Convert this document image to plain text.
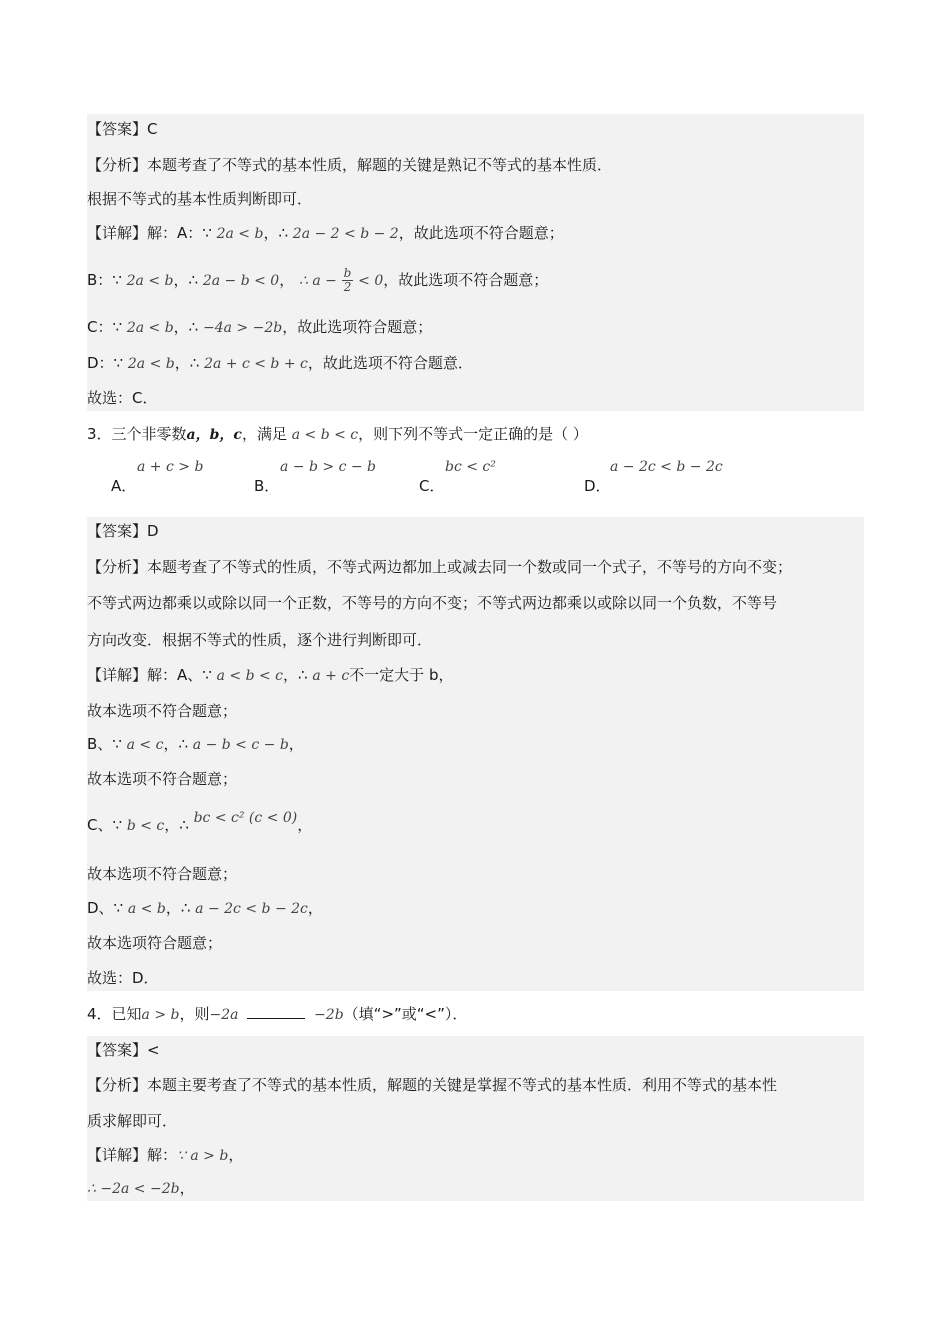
【答案】C
【分析】本题考查了不等式的基本性质，解题的关键是熟记不等式的基本性质．
根据不等式的基本性质判断即可．
【详解】解：A：∵ 2a < b，∴ 2a − 2 < b − 2，故此选项不符合题意；
B：∵ 2a < b，∴ 2a − b < 0， ∴ $a - \frac{b}{2} < 0$，故此选项不符合题意；
C：∵ 2a < b，∴ −4a > −2b，故此选项符合题意；
D：∵ 2a < b，∴ 2a + c < b + c，故此选项不符合题意．
故选：C．
3．三个非零数a，b，c，满足 a < b < c，则下列不等式一定正确的是（ ）
A．
a + c > b
B．
a − b > c − b
C．
bc < c²
D．
a − 2c < b − 2c
【答案】D
【分析】本题考查了不等式的性质，不等式两边都加上或减去同一个数或同一个式子，不等号的方向不变；
不等式两边都乘以或除以同一个正数，不等号的方向不变；不等式两边都乘以或除以同一个负数，不等号
方向改变．根据不等式的性质，逐个进行判断即可．
【详解】解：A、∵ a < b < c，∴ a + c不一定大于 b，
故本选项不符合题意；
B、∵ a < c，∴ a − b < c − b，
故本选项不符合题意；
C、∵ b < c，∴ bc < c² (c < 0)，
故本选项不符合题意；
D、∵ a < b，∴ a − 2c < b − 2c，
故本选项符合题意；
故选：D．
4．已知a > b，则−2a	−2b（填“>”或“<”）．
【答案】<
【分析】本题主要考查了不等式的基本性质，解题的关键是掌握不等式的基本性质．利用不等式的基本性
质求解即可．
【详解】解：∵ a > b，
∴ −2a < −2b，
